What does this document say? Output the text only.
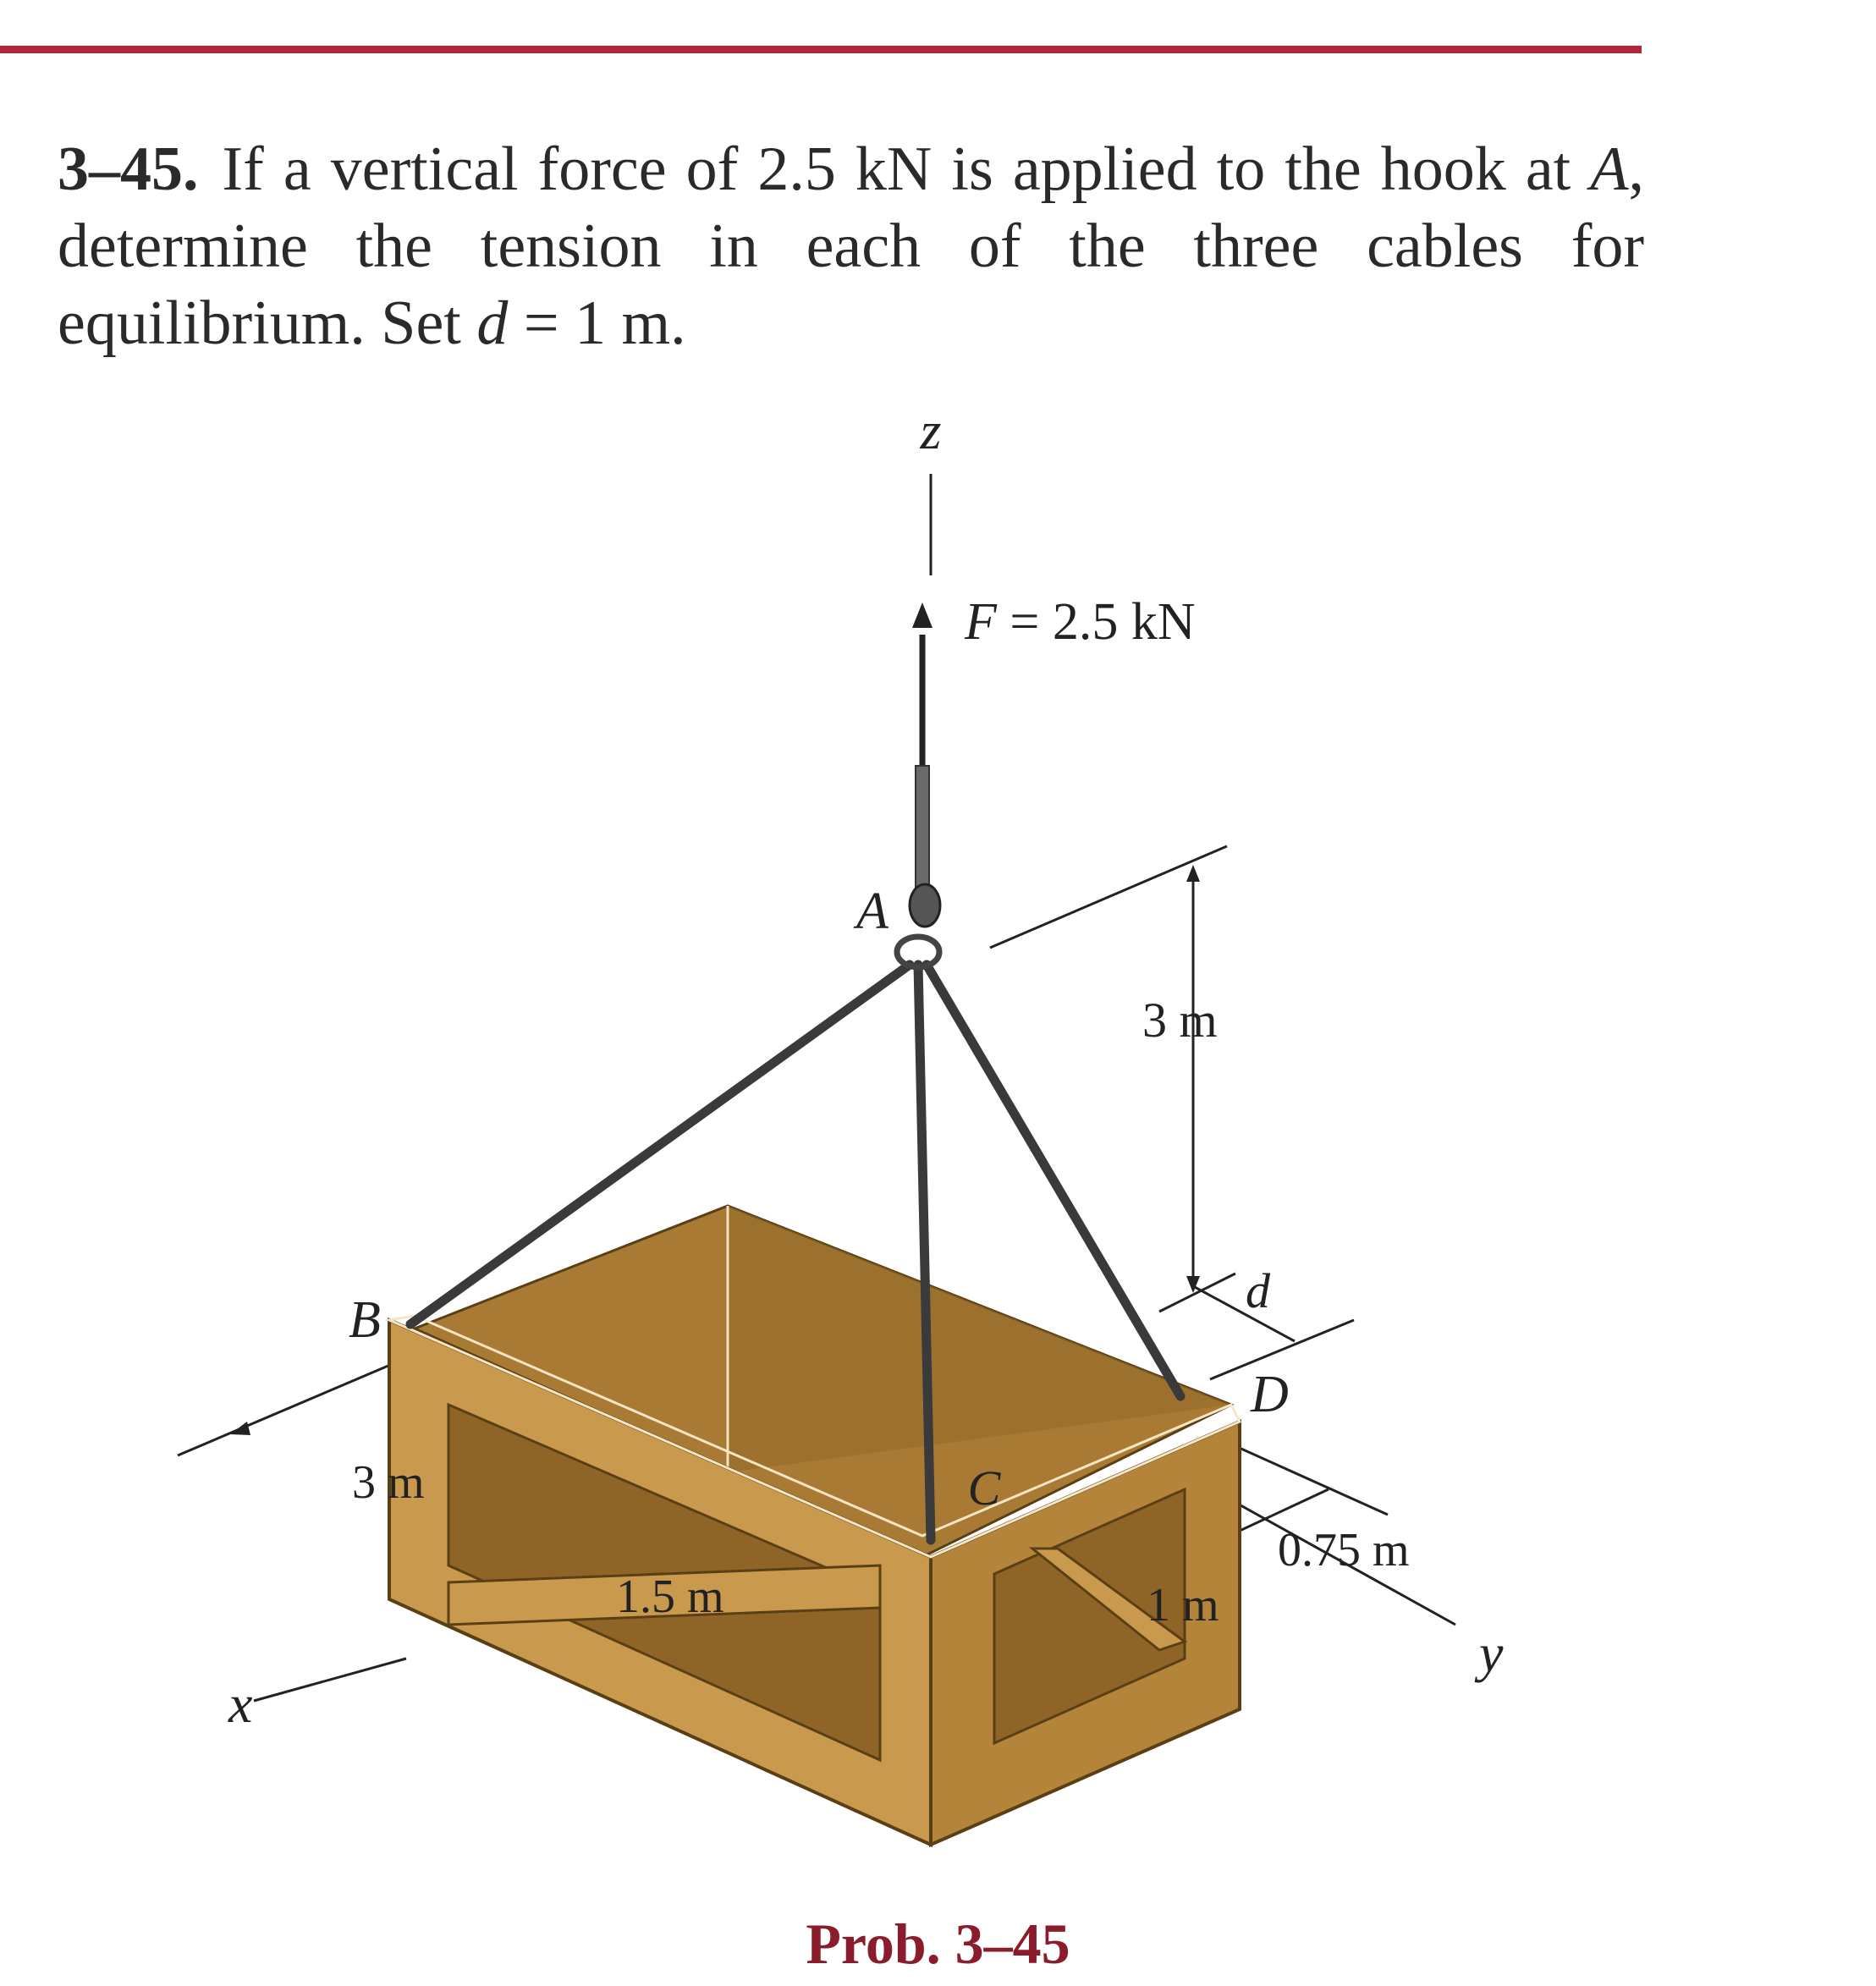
3–45. If a vertical force of 2.5 kN is applied to the hook at A, determine the tension in each of the three cables for equilibrium. Set d = 1 m.
z
F = 2.5 kN
A
3 m
d
B
D
C
3 m
0.75 m
1.5 m	1 m
y
x
Prob. 3–45
